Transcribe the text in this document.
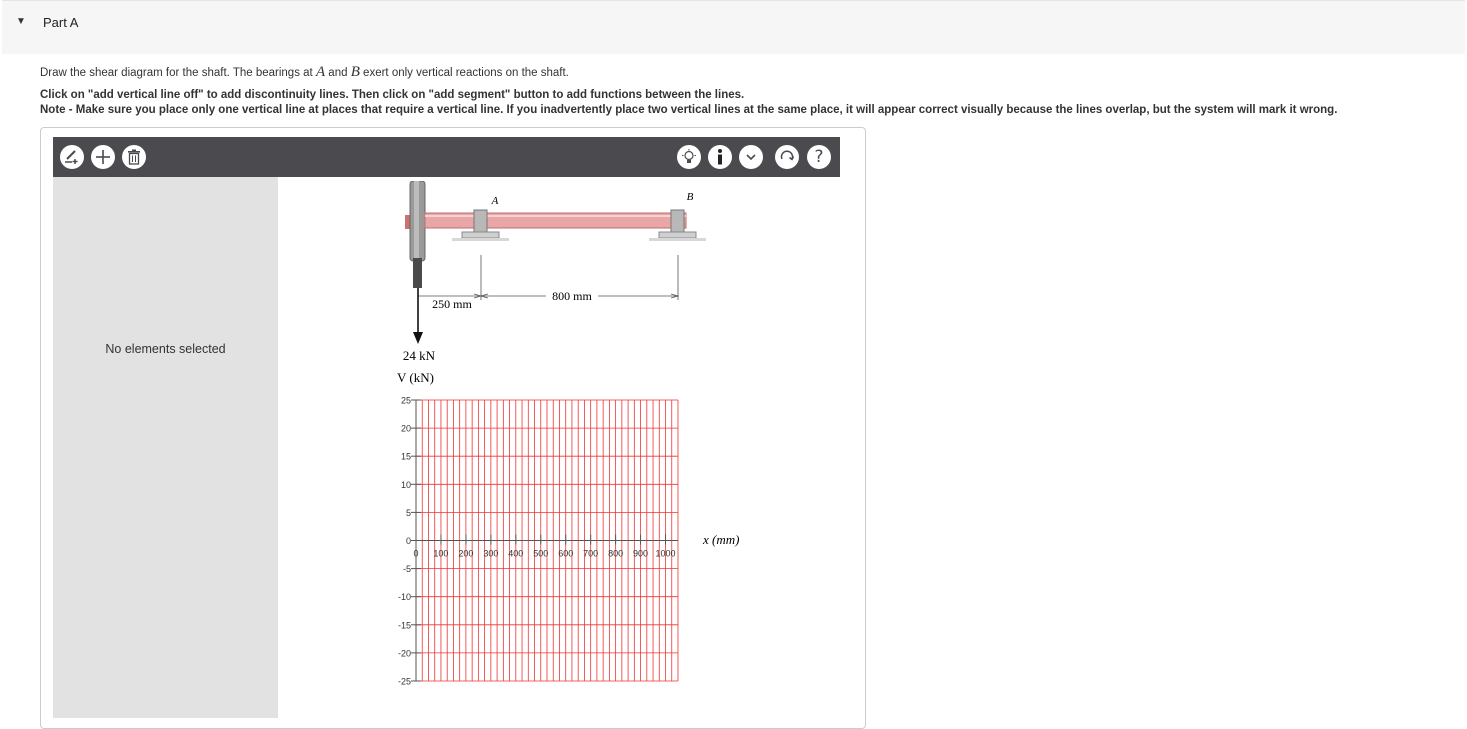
▼ Part A
Draw the shear diagram for the shaft. The bearings at A and B exert only vertical reactions on the shaft.
Click on "add vertical line off" to add discontinuity lines. Then click on "add segment" button to add functions between the lines.
Note - Make sure you place only one vertical line at places that require a vertical line. If you inadvertently place two vertical lines at the same place, it will appear correct visually because the lines overlap, but the system will mark it wrong.
?
No elements selected
A	B
800 mm
250 mm
24 kN
V (kN)
x (mm)
25
20
15
10
5
0
-5
-10
-15
-20
-25
0 100 200 300 400 500 600 700 800 900 1000
